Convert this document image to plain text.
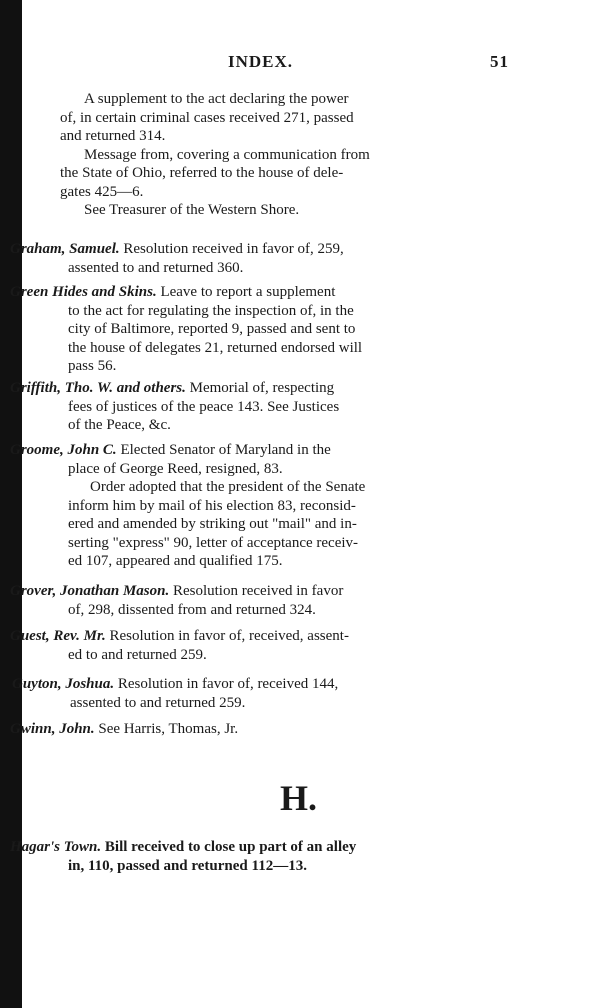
INDEX.	51
A supplement to the act declaring the power
of, in certain criminal cases received 271, passed
and returned 314.
Message from, covering a communication from
the State of Ohio, referred to the house of dele-
gates 425—6.
See Treasurer of the Western Shore.
Graham, Samuel. Resolution received in favor of, 259,
assented to and returned 360.
Green Hides and Skins. Leave to report a supplement
to the act for regulating the inspection of, in the
city of Baltimore, reported 9, passed and sent to
the house of delegates 21, returned endorsed will
pass 56.
Griffith, Tho. W. and others. Memorial of, respecting
fees of justices of the peace 143. See Justices
of the Peace, &c.
Groome, John C. Elected Senator of Maryland in the
place of George Reed, resigned, 83.
Order adopted that the president of the Senate
inform him by mail of his election 83, reconsid-
ered and amended by striking out "mail" and in-
serting "express" 90, letter of acceptance receiv-
ed 107, appeared and qualified 175.
Grover, Jonathan Mason. Resolution received in favor
of, 298, dissented from and returned 324.
Guest, Rev. Mr. Resolution in favor of, received, assent-
ed to and returned 259.
Guyton, Joshua. Resolution in favor of, received 144,
assented to and returned 259.
Gwinn, John. See Harris, Thomas, Jr.
H.
Hagar's Town. Bill received to close up part of an alley
in, 110, passed and returned 112—13.
